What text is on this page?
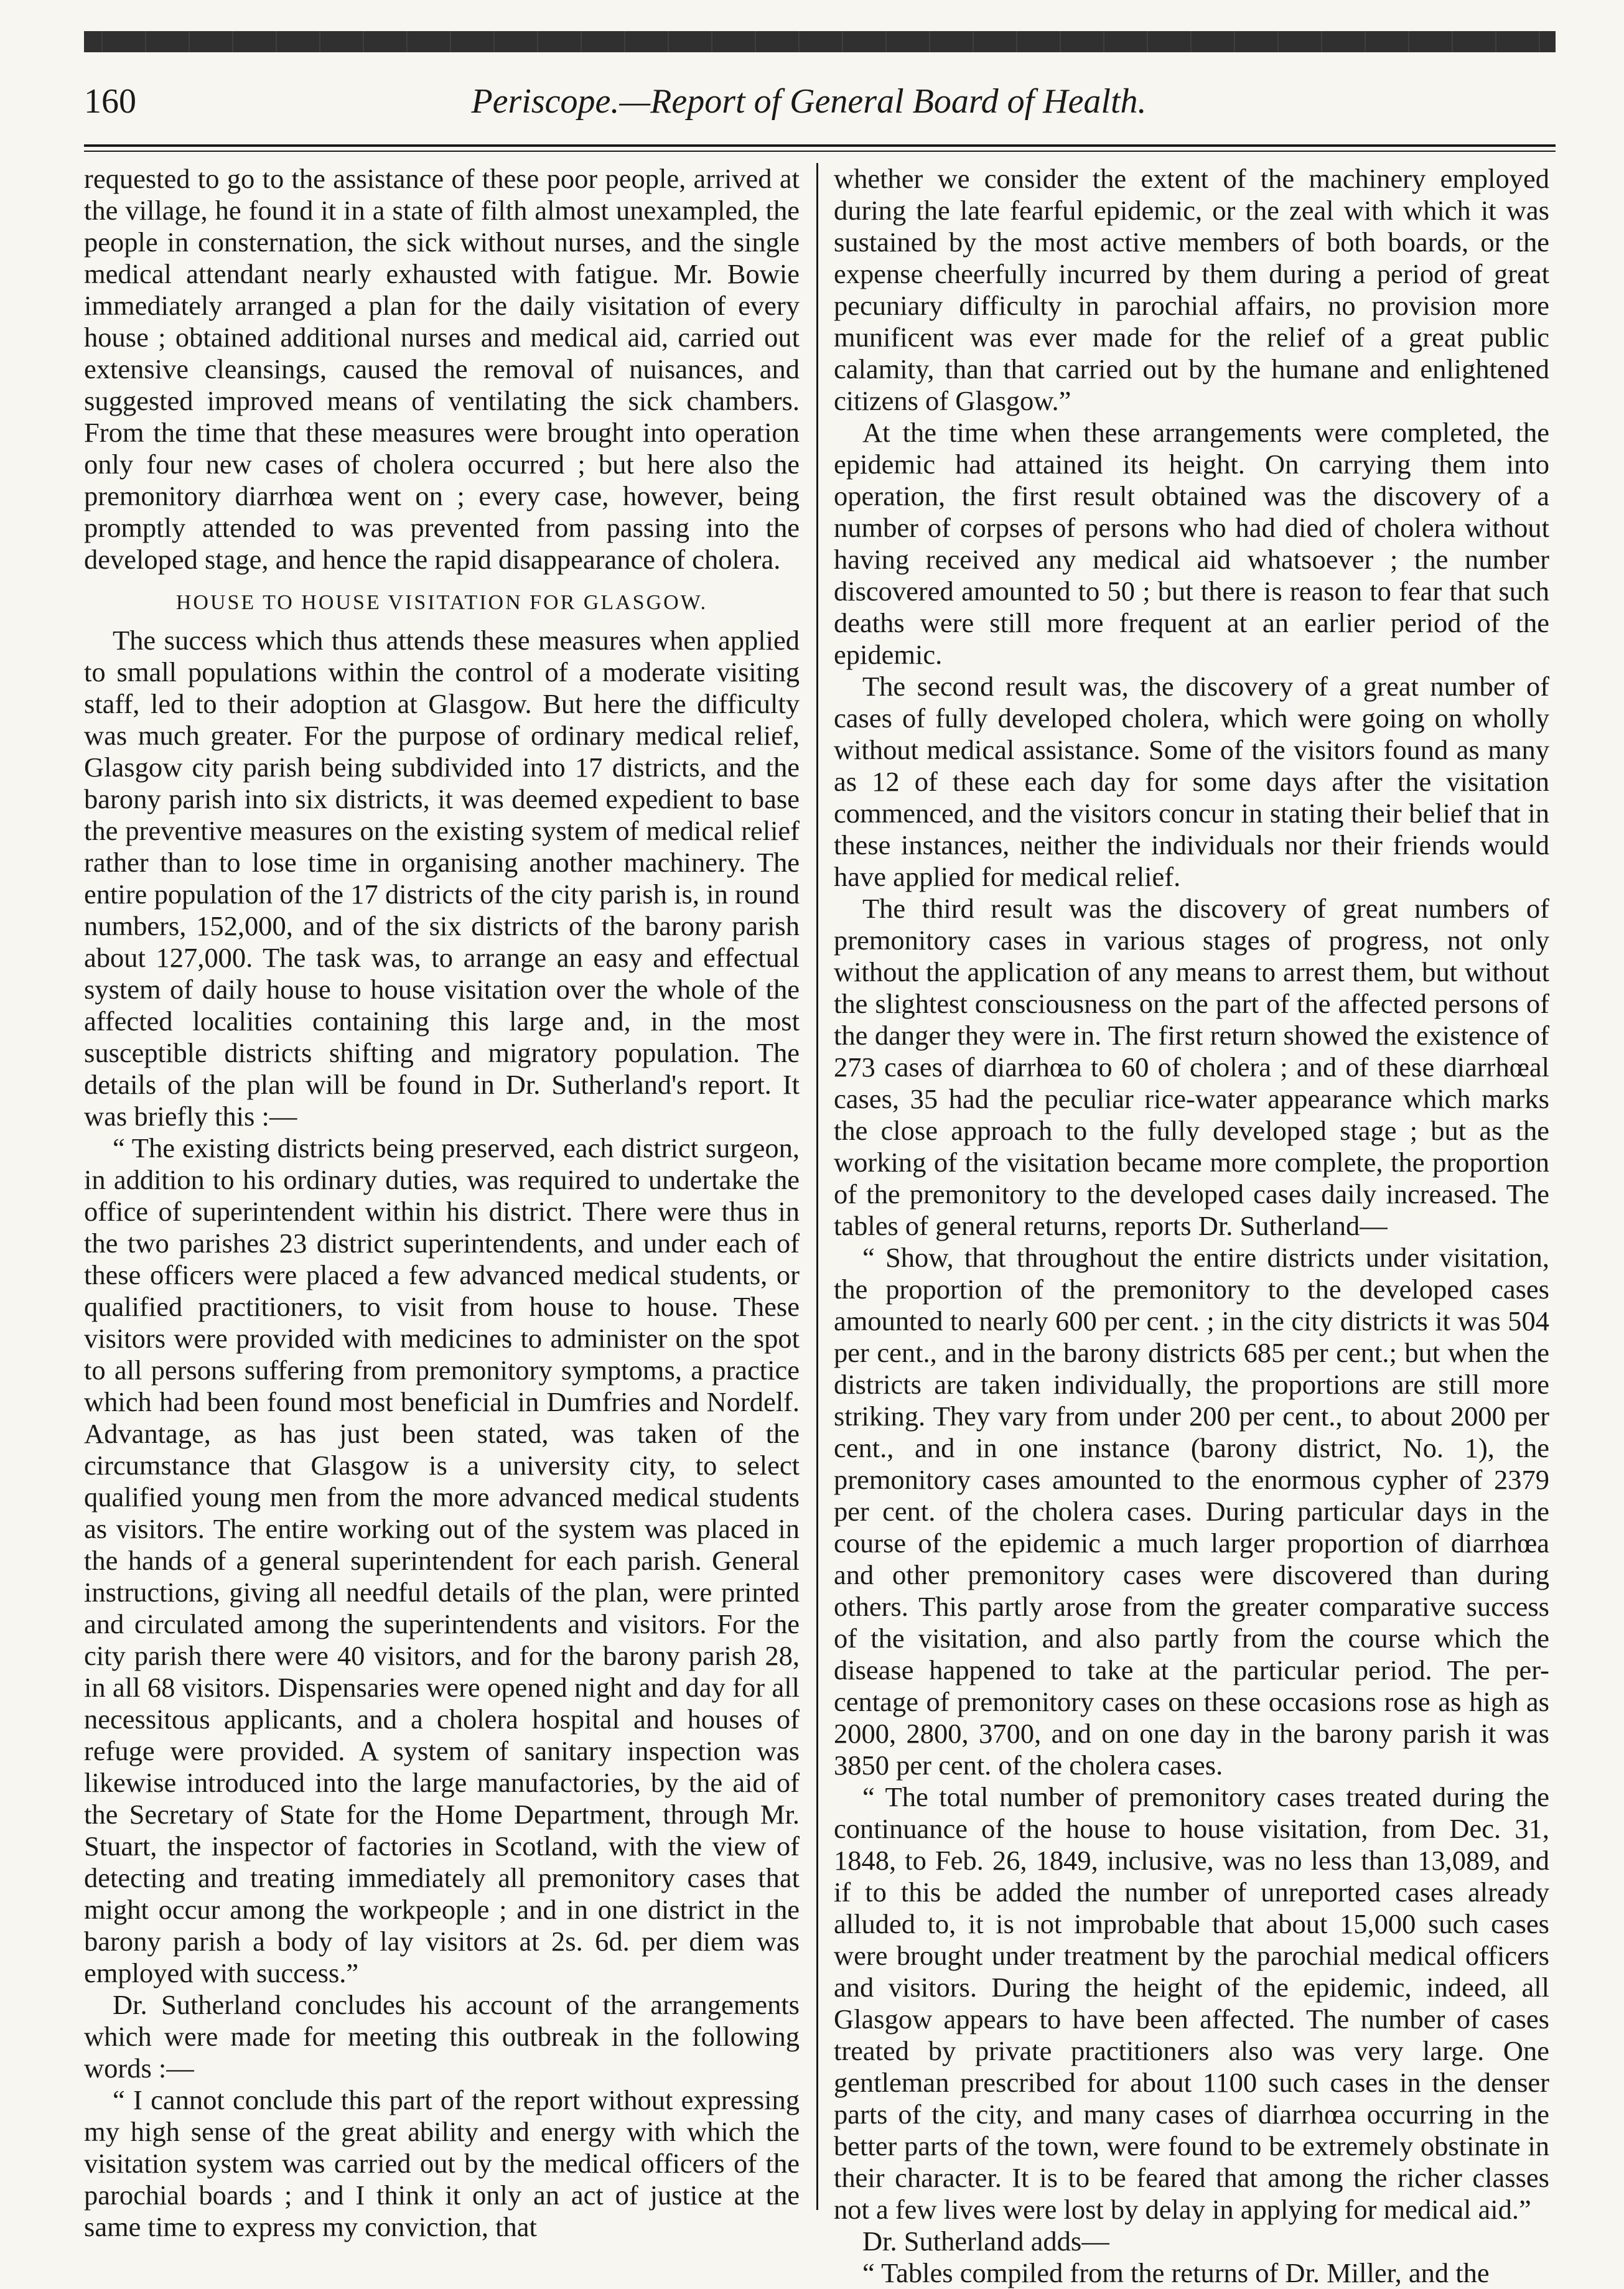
160	Periscope.—Report of General Board of Health.

requested to go to the assistance of these poor people, arrived at the village, he found it in a state of filth almost unexampled, the people in consternation, the sick without nurses, and the single medical attendant nearly exhausted with fatigue. Mr. Bowie immediately arranged a plan for the daily visitation of every house ; obtained additional nurses and medical aid, carried out extensive cleansings, caused the removal of nuisances, and suggested improved means of ventilating the sick chambers. From the time that these measures were brought into operation only four new cases of cholera occurred ; but here also the premonitory diarrhœa went on ; every case, however, being promptly attended to was prevented from passing into the developed stage, and hence the rapid disappearance of cholera.

HOUSE TO HOUSE VISITATION FOR GLASGOW.

The success which thus attends these measures when applied to small populations within the control of a moderate visiting staff, led to their adoption at Glasgow. But here the difficulty was much greater. For the purpose of ordinary medical relief, Glasgow city parish being subdivided into 17 districts, and the barony parish into six districts, it was deemed expedient to base the preventive measures on the existing system of medical relief rather than to lose time in organising another machinery. The entire population of the 17 districts of the city parish is, in round numbers, 152,000, and of the six districts of the barony parish about 127,000. The task was, to arrange an easy and effectual system of daily house to house visitation over the whole of the affected localities containing this large and, in the most susceptible districts shifting and migratory population. The details of the plan will be found in Dr. Sutherland's report. It was briefly this :—

“ The existing districts being preserved, each district surgeon, in addition to his ordinary duties, was required to undertake the office of superintendent within his district. There were thus in the two parishes 23 district superintendents, and under each of these officers were placed a few advanced medical students, or qualified practitioners, to visit from house to house. These visitors were provided with medicines to administer on the spot to all persons suffering from premonitory symptoms, a practice which had been found most beneficial in Dumfries and Nordelf. Advantage, as has just been stated, was taken of the circumstance that Glasgow is a university city, to select qualified young men from the more advanced medical students as visitors. The entire working out of the system was placed in the hands of a general superintendent for each parish. General instructions, giving all needful details of the plan, were printed and circulated among the superintendents and visitors. For the city parish there were 40 visitors, and for the barony parish 28, in all 68 visitors. Dispensaries were opened night and day for all necessitous applicants, and a cholera hospital and houses of refuge were provided. A system of sanitary inspection was likewise introduced into the large manufactories, by the aid of the Secretary of State for the Home Department, through Mr. Stuart, the inspector of factories in Scotland, with the view of detecting and treating immediately all premonitory cases that might occur among the workpeople ; and in one district in the barony parish a body of lay visitors at 2s. 6d. per diem was employed with success.”

Dr. Sutherland concludes his account of the arrangements which were made for meeting this outbreak in the following words :—

“ I cannot conclude this part of the report without expressing my high sense of the great ability and energy with which the visitation system was carried out by the medical officers of the parochial boards ; and I think it only an act of justice at the same time to express my conviction, that

whether we consider the extent of the machinery employed during the late fearful epidemic, or the zeal with which it was sustained by the most active members of both boards, or the expense cheerfully incurred by them during a period of great pecuniary difficulty in parochial affairs, no provision more munificent was ever made for the relief of a great public calamity, than that carried out by the humane and enlightened citizens of Glasgow.”

At the time when these arrangements were completed, the epidemic had attained its height. On carrying them into operation, the first result obtained was the discovery of a number of corpses of persons who had died of cholera without having received any medical aid whatsoever ; the number discovered amounted to 50 ; but there is reason to fear that such deaths were still more frequent at an earlier period of the epidemic.

The second result was, the discovery of a great number of cases of fully developed cholera, which were going on wholly without medical assistance. Some of the visitors found as many as 12 of these each day for some days after the visitation commenced, and the visitors concur in stating their belief that in these instances, neither the individuals nor their friends would have applied for medical relief.

The third result was the discovery of great numbers of premonitory cases in various stages of progress, not only without the application of any means to arrest them, but without the slightest consciousness on the part of the affected persons of the danger they were in. The first return showed the existence of 273 cases of diarrhœa to 60 of cholera ; and of these diarrhœal cases, 35 had the peculiar rice-water appearance which marks the close approach to the fully developed stage ; but as the working of the visitation became more complete, the proportion of the premonitory to the developed cases daily increased. The tables of general returns, reports Dr. Sutherland—

“ Show, that throughout the entire districts under visitation, the proportion of the premonitory to the developed cases amounted to nearly 600 per cent. ; in the city districts it was 504 per cent., and in the barony districts 685 per cent.; but when the districts are taken individually, the proportions are still more striking. They vary from under 200 per cent., to about 2000 per cent., and in one instance (barony district, No. 1), the premonitory cases amounted to the enormous cypher of 2379 per cent. of the cholera cases. During particular days in the course of the epidemic a much larger proportion of diarrhœa and other premonitory cases were discovered than during others. This partly arose from the greater comparative success of the visitation, and also partly from the course which the disease happened to take at the particular period. The per-centage of premonitory cases on these occasions rose as high as 2000, 2800, 3700, and on one day in the barony parish it was 3850 per cent. of the cholera cases.

“ The total number of premonitory cases treated during the continuance of the house to house visitation, from Dec. 31, 1848, to Feb. 26, 1849, inclusive, was no less than 13,089, and if to this be added the number of unreported cases already alluded to, it is not improbable that about 15,000 such cases were brought under treatment by the parochial medical officers and visitors. During the height of the epidemic, indeed, all Glasgow appears to have been affected. The number of cases treated by private practitioners also was very large. One gentleman prescribed for about 1100 such cases in the denser parts of the city, and many cases of diarrhœa occurring in the better parts of the town, were found to be extremely obstinate in their character. It is to be feared that among the richer classes not a few lives were lost by delay in applying for medical aid.”

Dr. Sutherland adds—

“ Tables compiled from the returns of Dr. Miller, and the
